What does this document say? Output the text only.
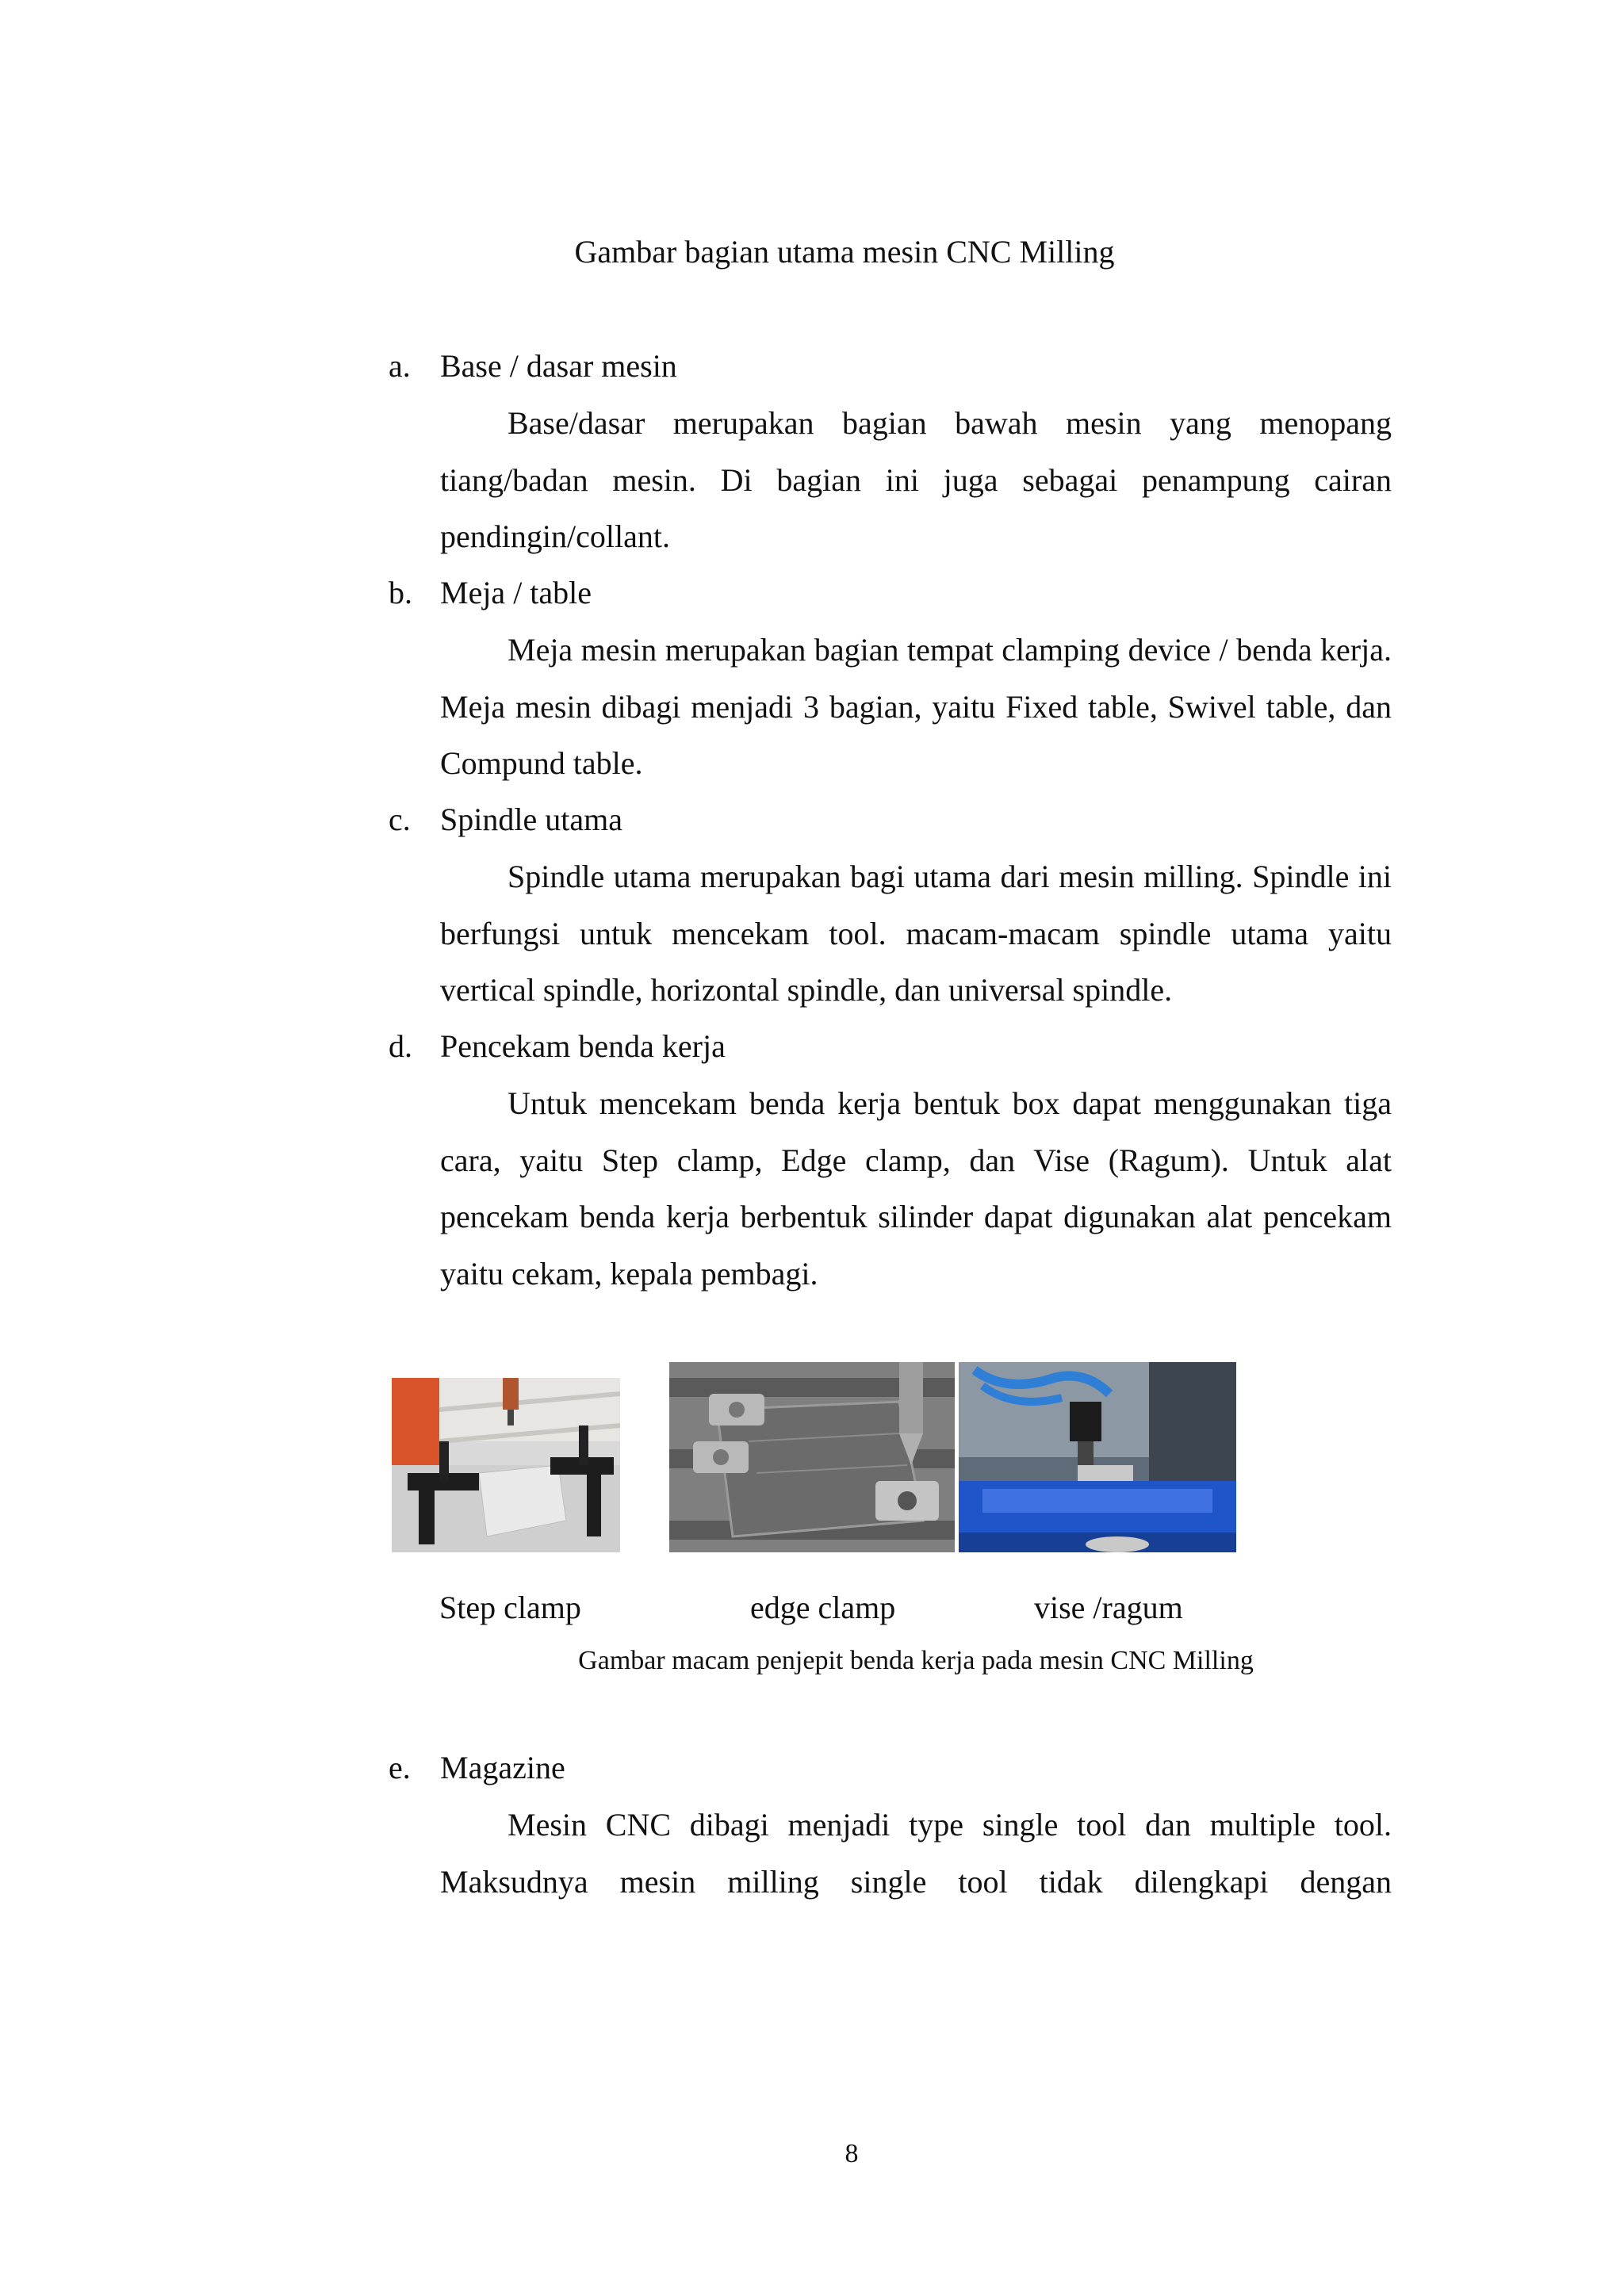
Gambar bagian utama mesin CNC Milling
a. Base / dasar mesin
Base/dasar merupakan bagian bawah mesin yang menopang tiang/badan mesin. Di bagian ini juga sebagai penampung cairan pendingin/collant.
b. Meja / table
Meja mesin merupakan bagian tempat clamping device / benda kerja. Meja mesin dibagi menjadi 3 bagian, yaitu Fixed table, Swivel table, dan Compund table.
c. Spindle utama
Spindle utama merupakan bagi utama dari mesin milling. Spindle ini berfungsi untuk mencekam tool. macam-macam spindle utama yaitu vertical spindle, horizontal spindle, dan universal spindle.
d. Pencekam benda kerja
Untuk mencekam benda kerja bentuk box dapat menggunakan tiga cara, yaitu Step clamp, Edge clamp, dan Vise (Ragum). Untuk alat pencekam benda kerja berbentuk silinder dapat digunakan alat pencekam yaitu cekam, kepala pembagi.
Step clamp	edge clamp	vise /ragum
Gambar macam penjepit benda kerja pada mesin CNC Milling
e. Magazine
Mesin CNC dibagi menjadi type single tool dan multiple tool. Maksudnya mesin milling single tool tidak dilengkapi dengan
8
